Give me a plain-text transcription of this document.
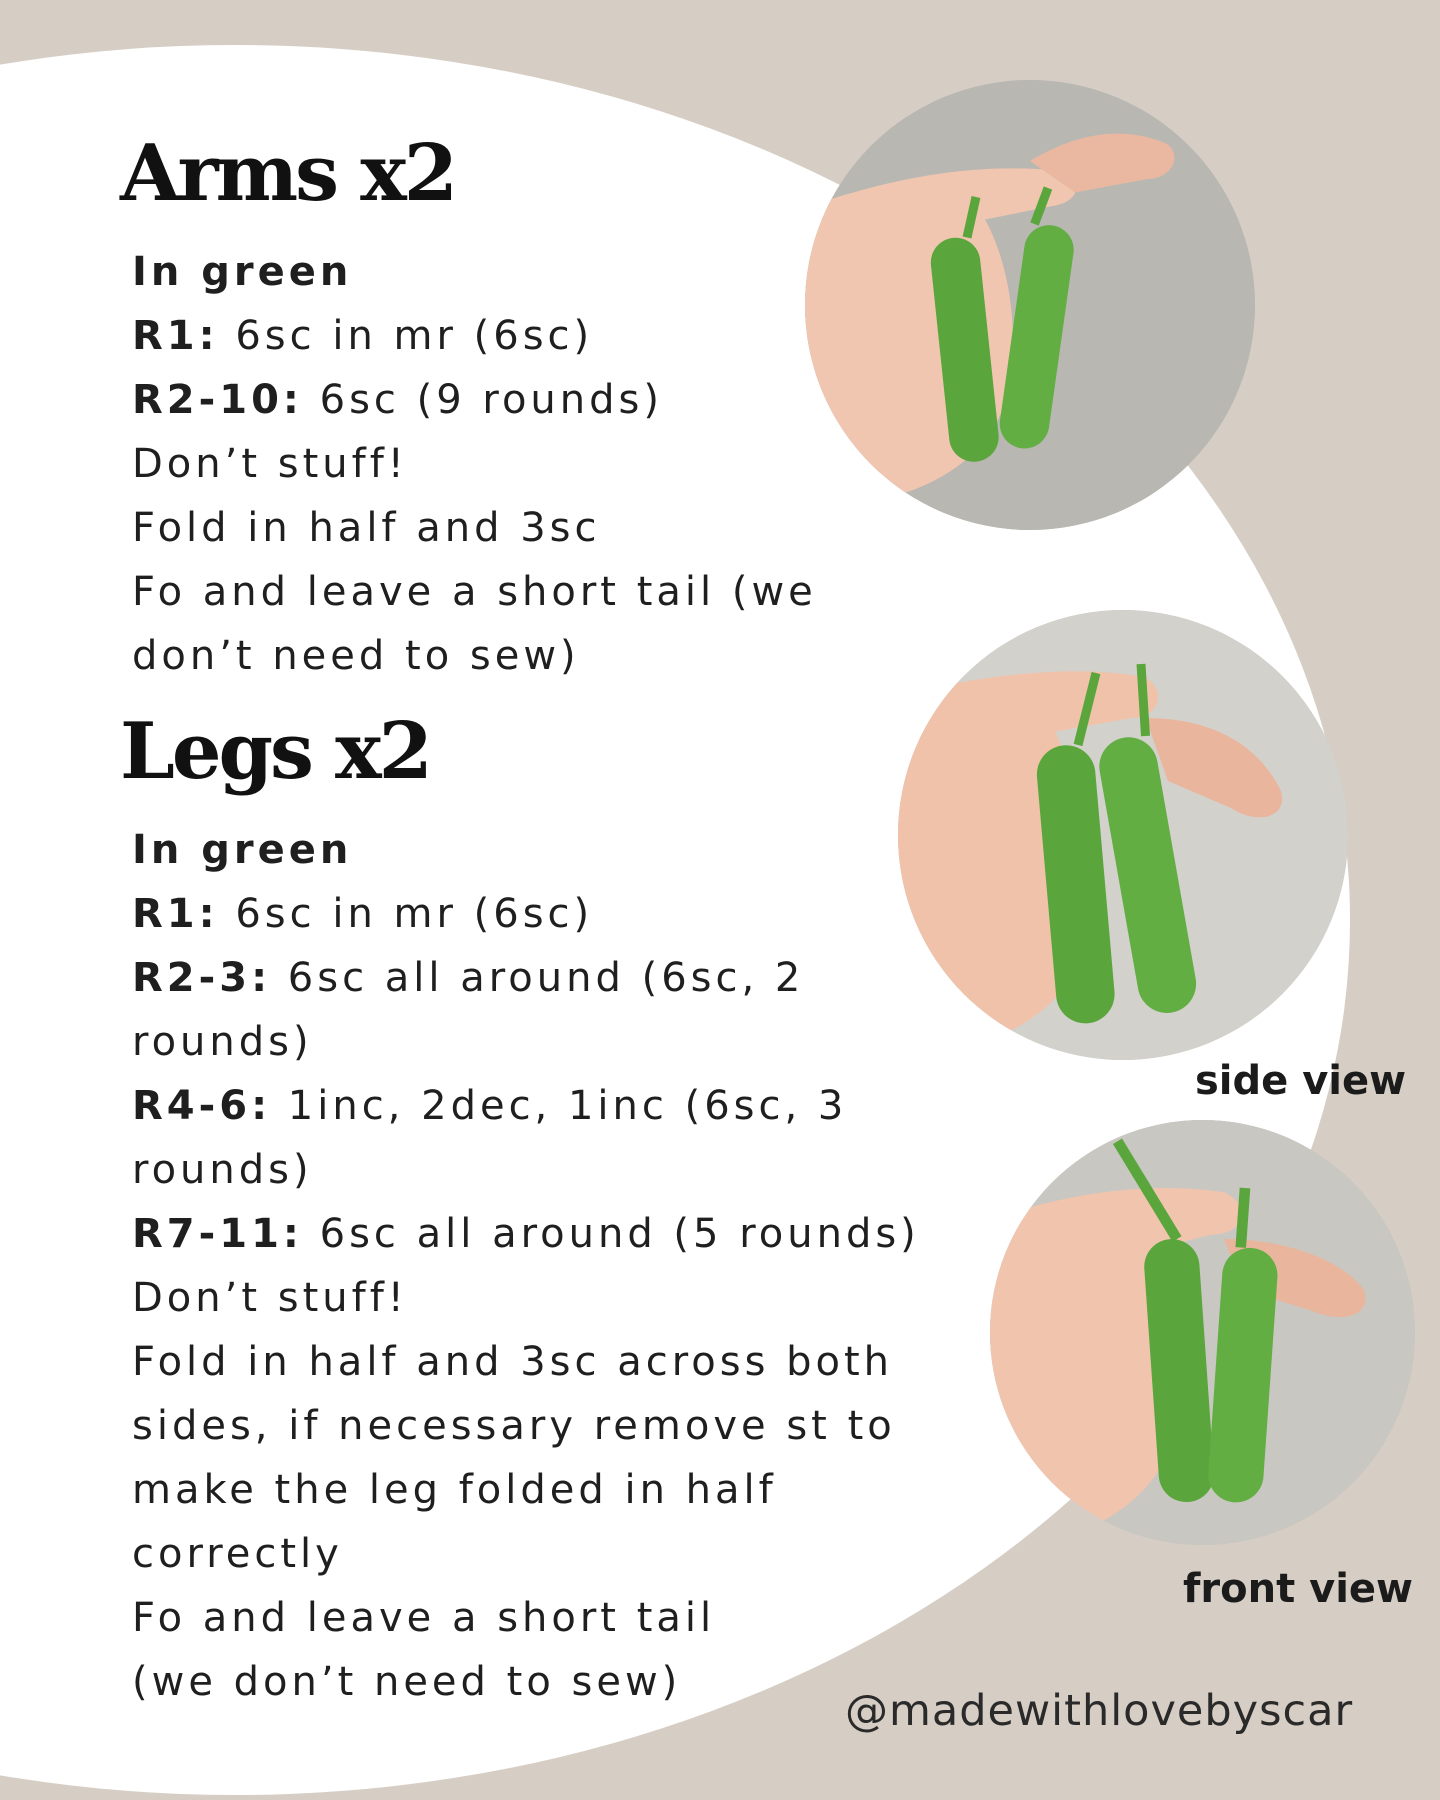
Arms x2
In green
R1: 6sc in mr (6sc)
R2-10: 6sc (9 rounds)
Don’t stuff!
Fold in half and 3sc
Fo and leave a short tail (we
don’t need to sew)
Legs x2
In green
R1: 6sc in mr (6sc)
R2-3: 6sc all around (6sc, 2
rounds)
R4-6: 1inc, 2dec, 1inc (6sc, 3
rounds)
R7-11: 6sc all around (5 rounds)
Don’t stuff!
Fold in half and 3sc across both
sides, if necessary remove st to
make the leg folded in half
correctly
Fo and leave a short tail
(we don’t need to sew)
side view
front view
@madewithlovebyscar
